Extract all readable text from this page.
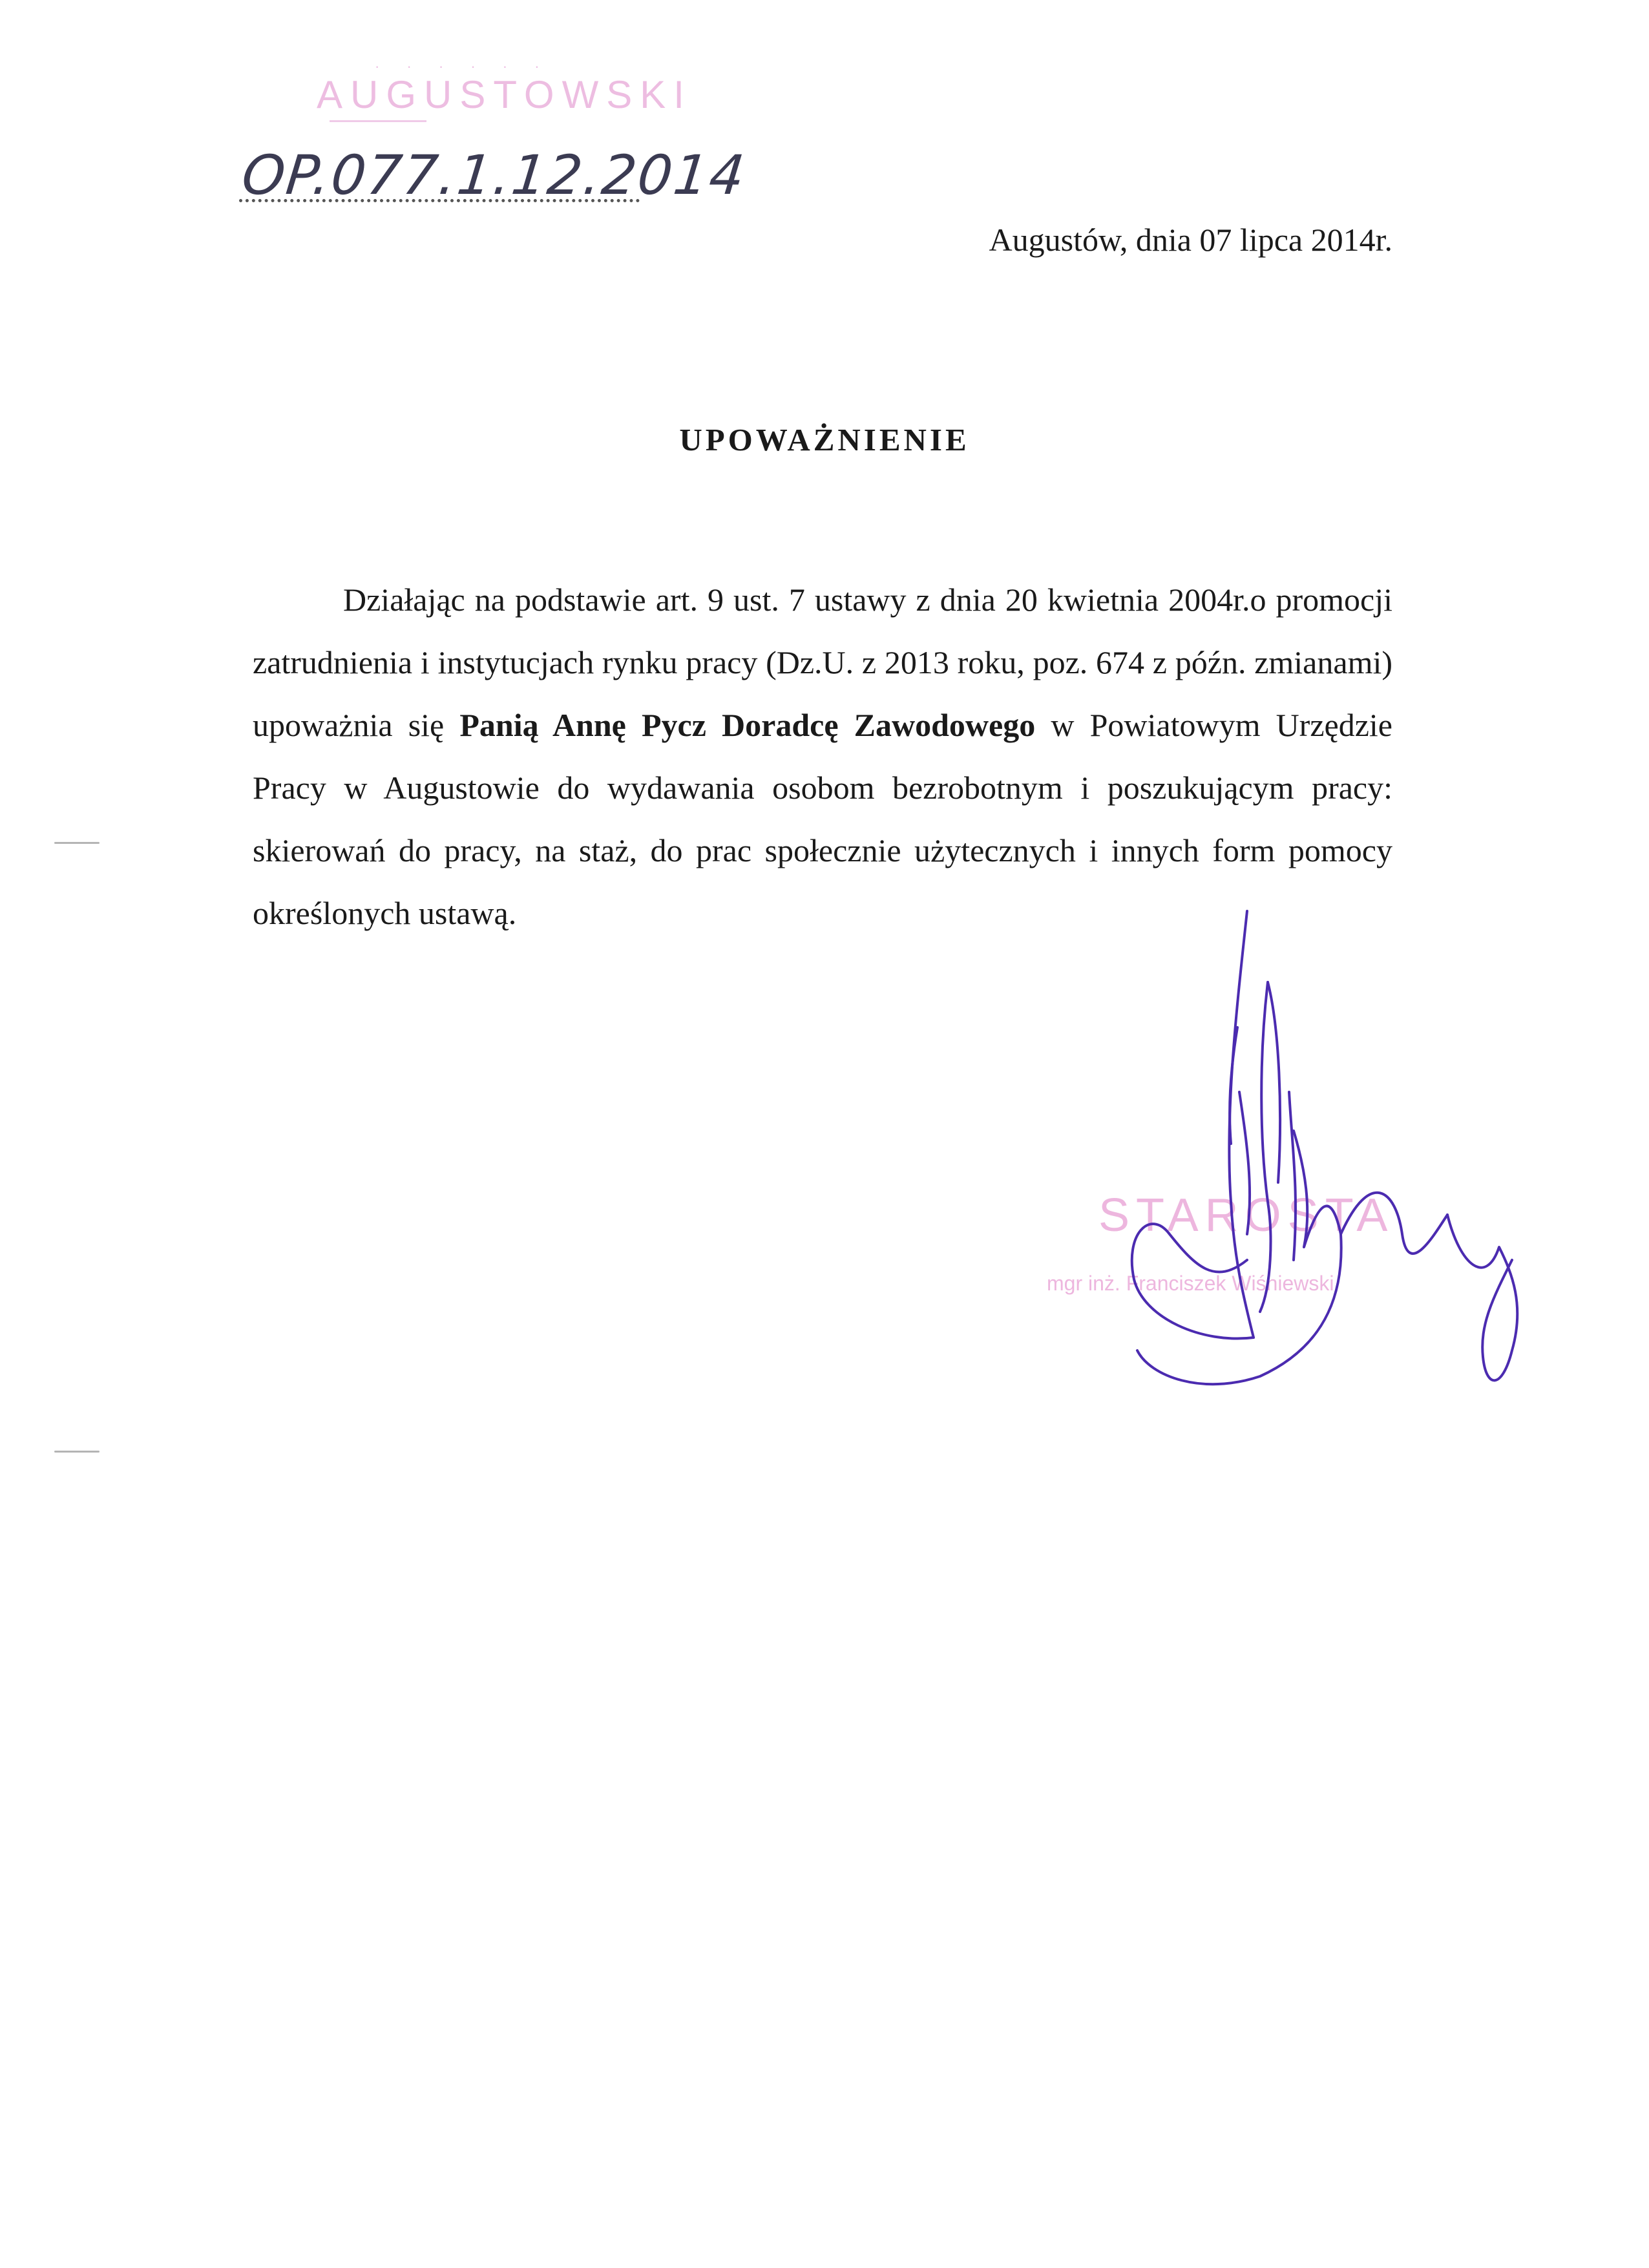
· · · · · ·
AUGUSTOWSKI
OP.077.1.12.2014
Augustów, dnia 07 lipca 2014r.
UPOWAŻNIENIE

Działając na podstawie art. 9 ust. 7 ustawy z dnia 20 kwietnia 2004r.o promocji zatrudnienia i instytucjach rynku pracy (Dz.U. z 2013 roku, poz. 674 z późn. zmianami) upoważnia się Panią Annę Pycz Doradcę Zawodowego w Powiatowym Urzędzie Pracy w Augustowie do wydawania osobom bezrobotnym i poszukującym pracy: skierowań do pracy, na staż, do prac społecznie użytecznych i innych form pomocy określonych ustawą.

STAROSTA
mgr inż. Franciszek Wiśniewski
